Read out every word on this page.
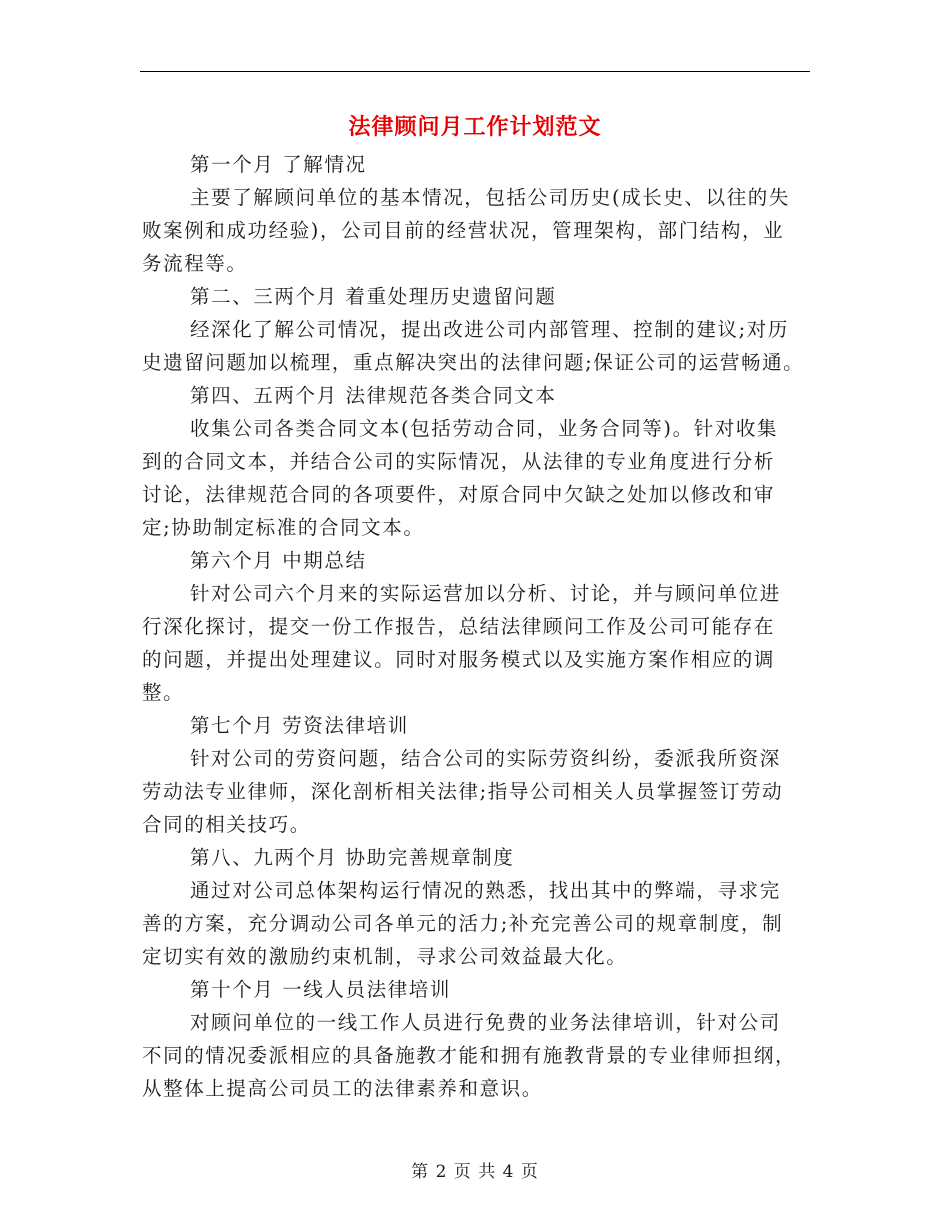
法律顾问月工作计划范文
第一个月 了解情况
主要了解顾问单位的基本情况，包括公司历史(成长史、以往的失
败案例和成功经验)，公司目前的经营状况，管理架构，部门结构，业
务流程等。
第二、三两个月 着重处理历史遗留问题
经深化了解公司情况，提出改进公司内部管理、控制的建议;对历
史遗留问题加以梳理，重点解决突出的法律问题;保证公司的运营畅通。
第四、五两个月 法律规范各类合同文本
收集公司各类合同文本(包括劳动合同，业务合同等)。针对收集
到的合同文本，并结合公司的实际情况，从法律的专业角度进行分析
讨论，法律规范合同的各项要件，对原合同中欠缺之处加以修改和审
定;协助制定标准的合同文本。
第六个月 中期总结
针对公司六个月来的实际运营加以分析、讨论，并与顾问单位进
行深化探讨，提交一份工作报告，总结法律顾问工作及公司可能存在
的问题，并提出处理建议。同时对服务模式以及实施方案作相应的调
整。
第七个月 劳资法律培训
针对公司的劳资问题，结合公司的实际劳资纠纷，委派我所资深
劳动法专业律师，深化剖析相关法律;指导公司相关人员掌握签订劳动
合同的相关技巧。
第八、九两个月 协助完善规章制度
通过对公司总体架构运行情况的熟悉，找出其中的弊端，寻求完
善的方案，充分调动公司各单元的活力;补充完善公司的规章制度，制
定切实有效的激励约束机制，寻求公司效益最大化。
第十个月 一线人员法律培训
对顾问单位的一线工作人员进行免费的业务法律培训，针对公司
不同的情况委派相应的具备施教才能和拥有施教背景的专业律师担纲，
从整体上提高公司员工的法律素养和意识。
第 2 页 共 4 页
